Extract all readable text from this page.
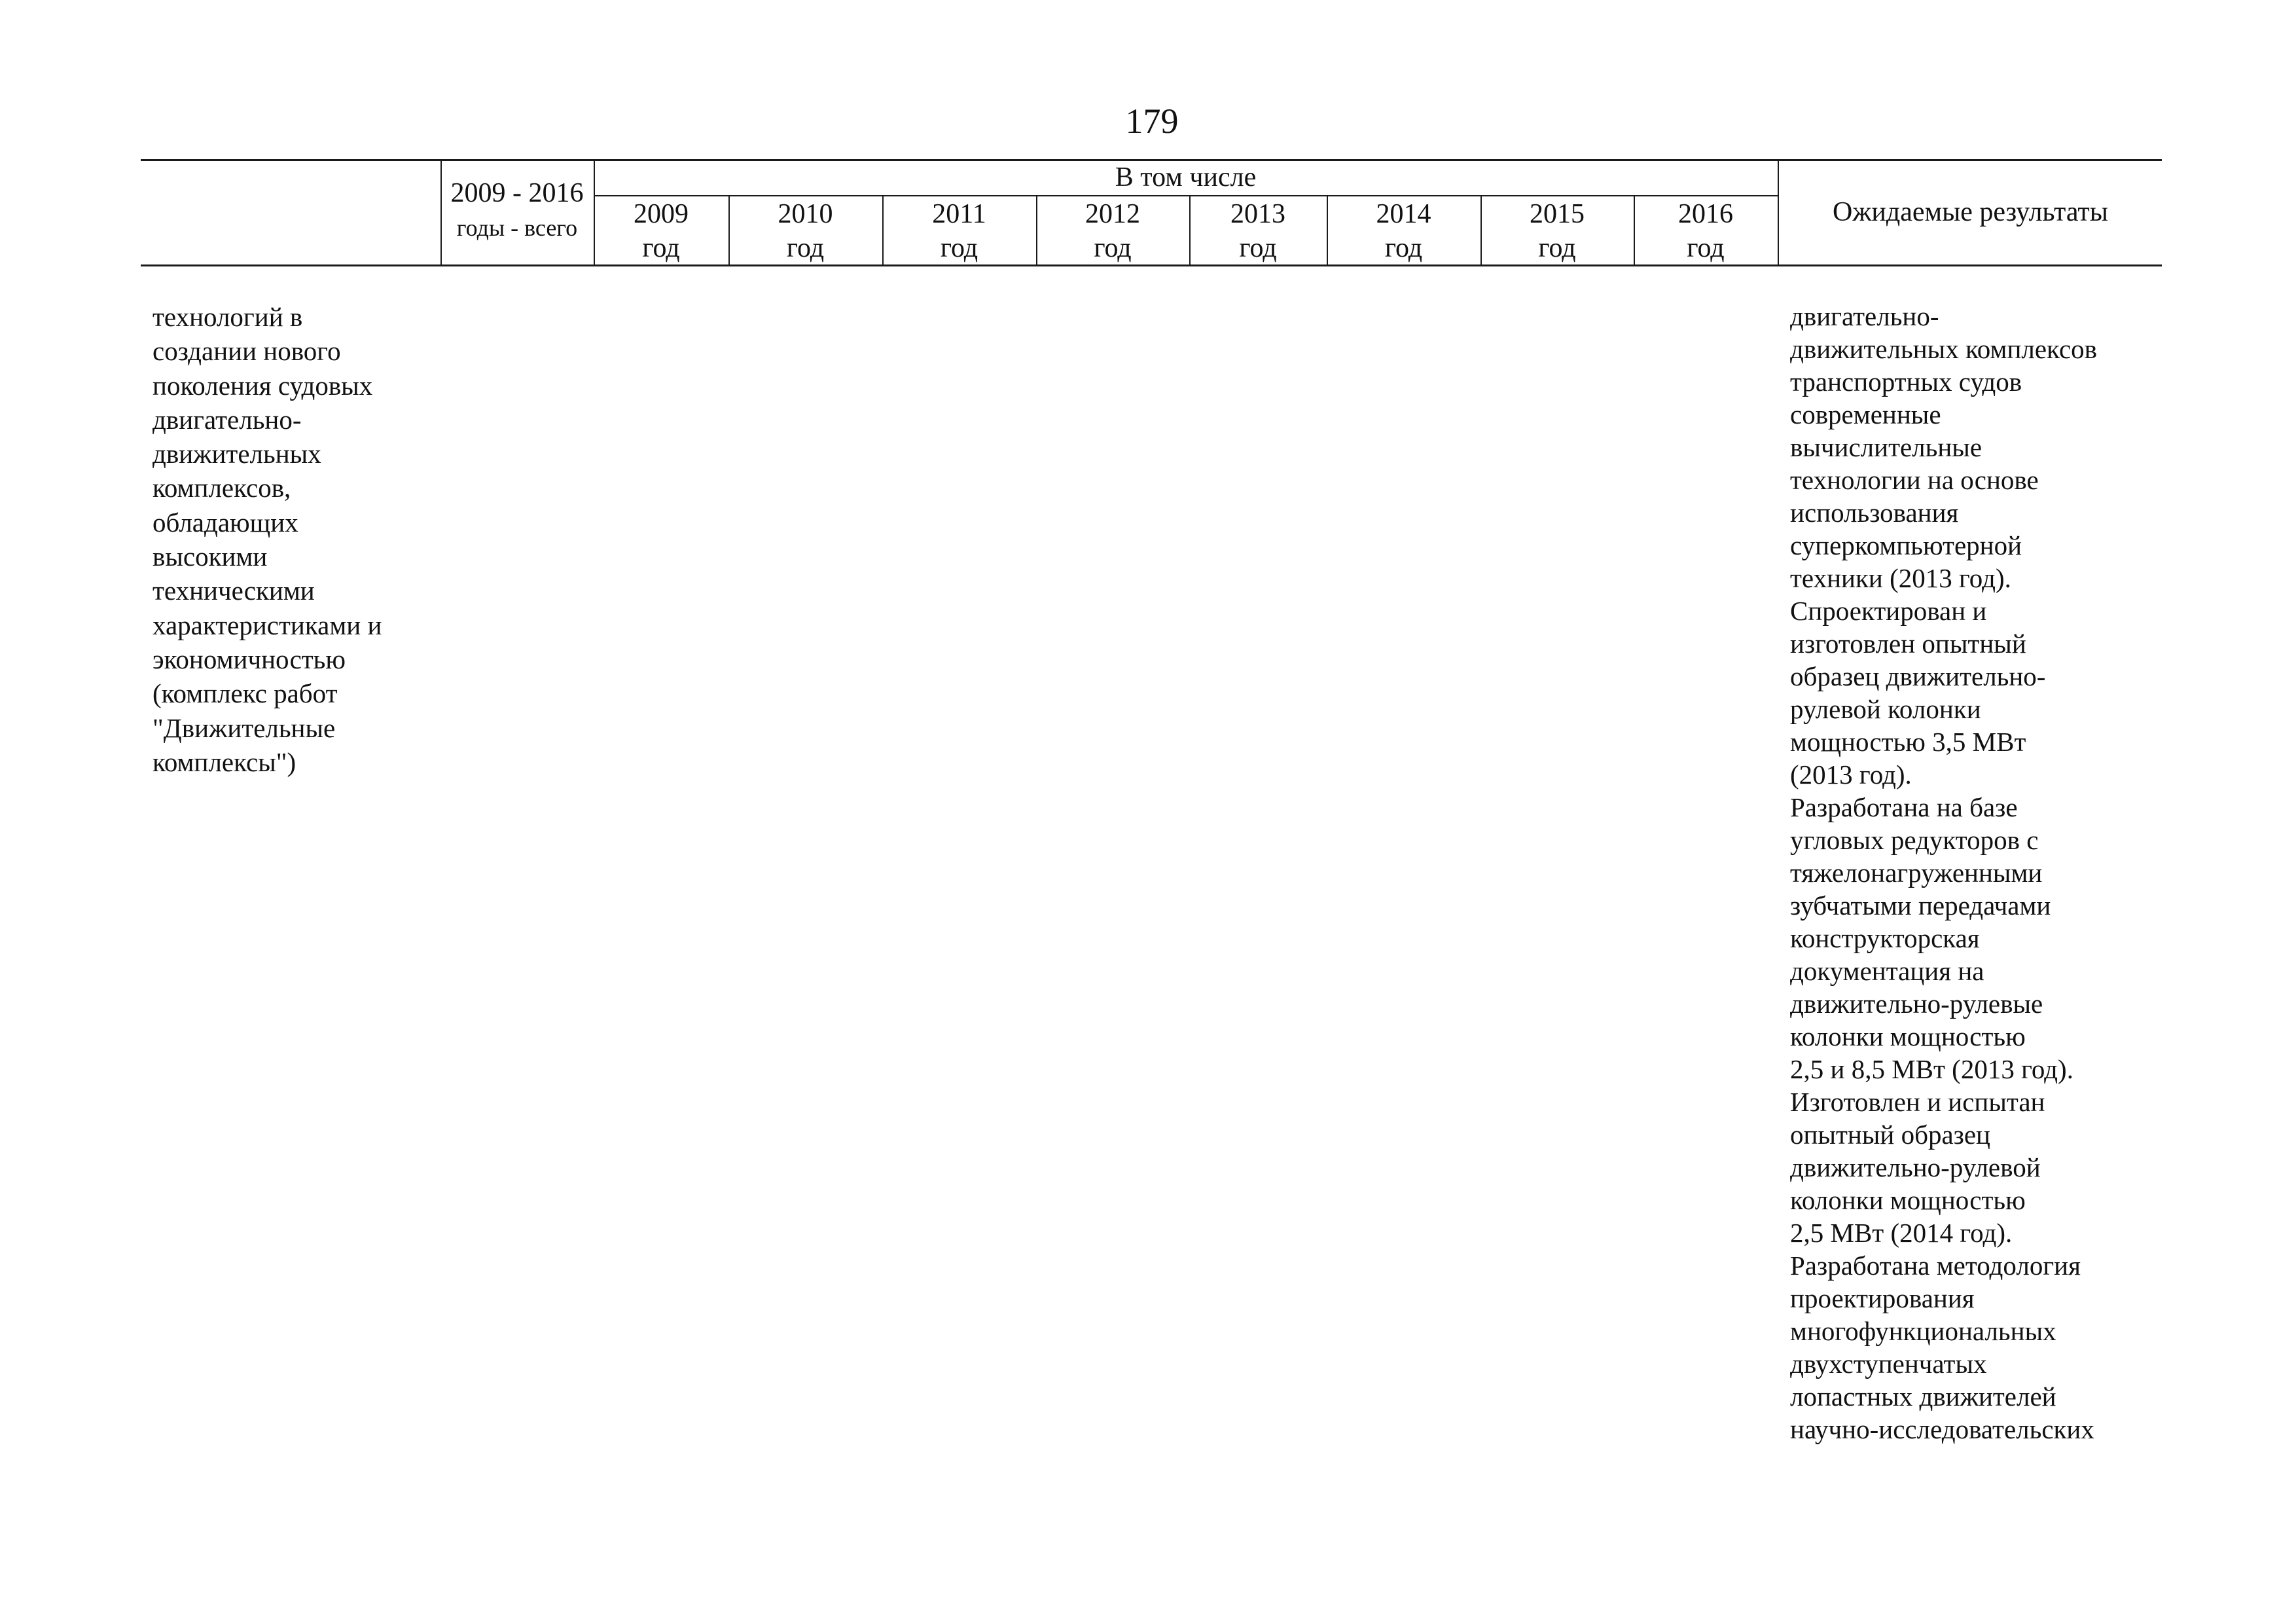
179
2009 - 2016
годы - всего
В том числе
2009
год
2010
год
2011
год
2012
год
2013
год
2014
год
2015
год
2016
год
Ожидаемые результаты
технологий в
создании нового
поколения судовых
двигательно-
движительных
комплексов,
обладающих
высокими
техническими
характеристиками и
экономичностью
(комплекс работ
"Движительные
комплексы")
двигательно-
движительных комплексов
транспортных судов
современные
вычислительные
технологии на основе
использования
суперкомпьютерной
техники (2013 год).
Спроектирован и
изготовлен опытный
образец движительно-
рулевой колонки
мощностью 3,5 МВт
(2013 год).
Разработана на базе
угловых редукторов с
тяжелонагруженными
зубчатыми передачами
конструкторская
документация на
движительно-рулевые
колонки мощностью
2,5 и 8,5 МВт (2013 год).
Изготовлен и испытан
опытный образец
движительно-рулевой
колонки мощностью
2,5 МВт (2014 год).
Разработана методология
проектирования
многофункциональных
двухступенчатых
лопастных движителей
научно-исследовательских
